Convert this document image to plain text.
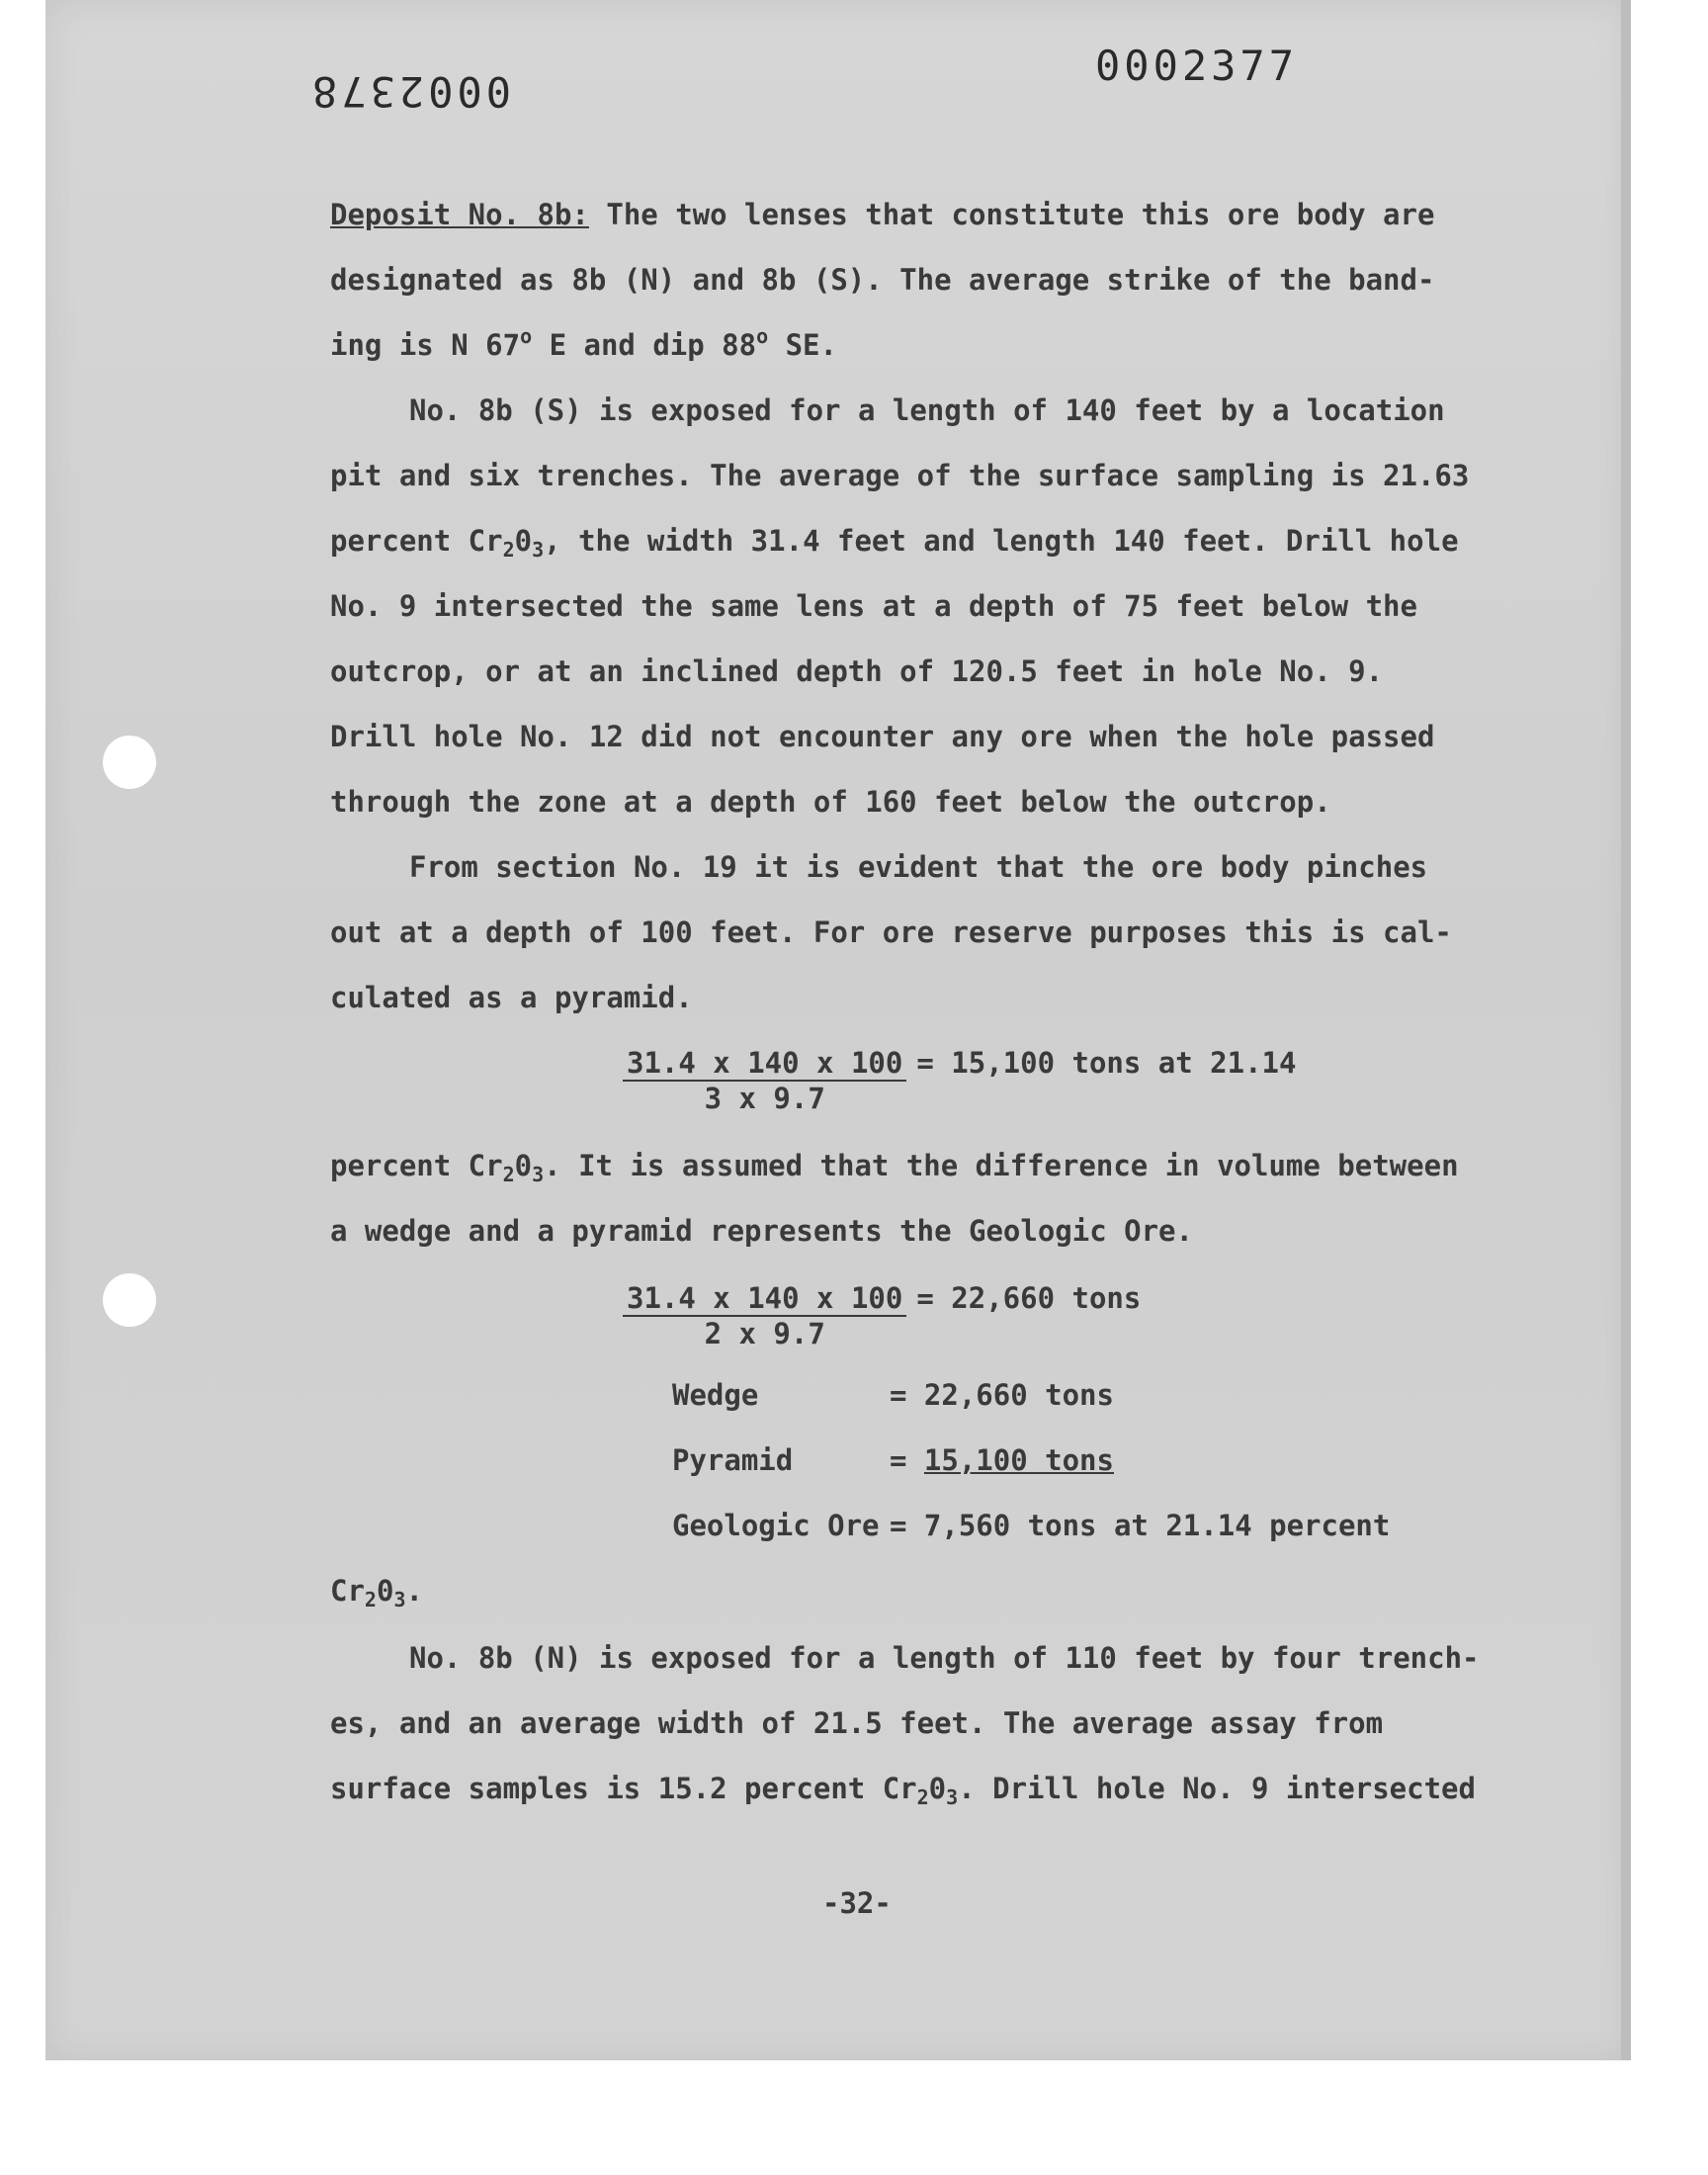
0002377
0002378
Deposit No. 8b: The two lenses that constitute this ore body are
designated as 8b (N) and 8b (S). The average strike of the band-
ing is N 67$^o$ E and dip 88$^o$ SE.
No. 8b (S) is exposed for a length of 140 feet by a location
pit and six trenches. The average of the surface sampling is 21.63
percent $Cr_20_3$, the width 31.4 feet and length 140 feet. Drill hole
No. 9 intersected the same lens at a depth of 75 feet below the
outcrop, or at an inclined depth of 120.5 feet in hole No. 9.
Drill hole No. 12 did not encounter any ore when the hole passed
through the zone at a depth of 160 feet below the outcrop.
From section No. 19 it is evident that the ore body pinches
out at a depth of 100 feet. For ore reserve purposes this is cal-
culated as a pyramid.
$\frac{31.4 x 140 x 100}{3 x 9.7} = 15,100$ tons at 21.14
percent $Cr_20_3$. It is assumed that the difference in volume between
a wedge and a pyramid represents the Geologic Ore.
$\frac{31.4 x 140 x 100}{2 x 9.7} = 22,660$ tons
Wedge	= 22,660 tons
Pyramid	= 15,100 tons
Geologic Ore = 7,560 tons at 21.14 percent
$Cr_20_3$.
No. 8b (N) is exposed for a length of 110 feet by four trench-
es, and an average width of 21.5 feet. The average assay from
surface samples is 15.2 percent $Cr_20_3$. Drill hole No. 9 intersected
-32-
